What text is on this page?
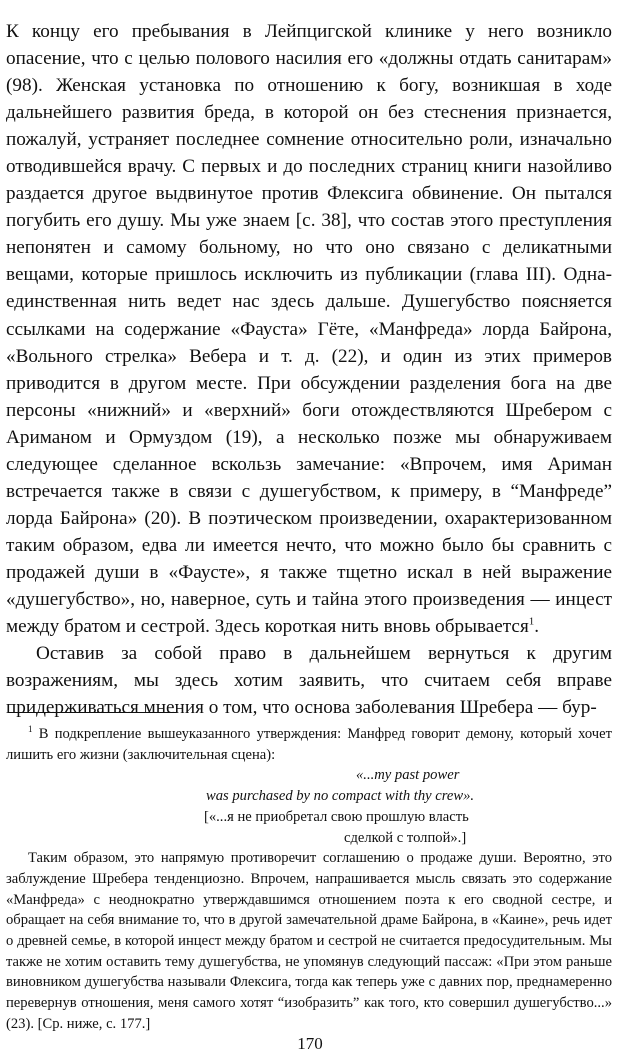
К концу его пребывания в Лейпцигской клинике у него возникло опасение, что с целью полового насилия его «должны отдать санитарам» (98). Женская установка по отношению к богу, возникшая в ходе дальнейшего развития бреда, в которой он без стеснения признается, пожалуй, устраняет последнее сомнение относительно роли, изначально отводившейся врачу. С первых и до последних страниц книги назойливо раздается другое выдвинутое против Флексига обвинение. Он пытался погубить его душу. Мы уже знаем [с. 38], что состав этого преступления непонятен и самому больному, но что оно связано с деликатными вещами, которые пришлось исключить из публикации (глава III). Одна-единственная нить ведет нас здесь дальше. Душегубство поясняется ссылками на содержание «Фауста» Гёте, «Манфреда» лорда Байрона, «Вольного стрелка» Вебера и т. д. (22), и один из этих примеров приводится в другом месте. При обсуждении разделения бога на две персоны «нижний» и «верхний» боги отождествляются Шребером с Ариманом и Ормуздом (19), а несколько позже мы обнаруживаем следующее сделанное вскользь замечание: «Впрочем, имя Ариман встречается также в связи с душегубством, к примеру, в “Манфреде” лорда Байрона» (20). В поэтическом произведении, охарактеризованном таким образом, едва ли имеется нечто, что можно было бы сравнить с продажей души в «Фаусте», я также тщетно искал в ней выражение «душегубство», но, наверное, суть и тайна этого произведения — инцест между братом и сестрой. Здесь короткая нить вновь обрывается$^1$.

Оставив за собой право в дальнейшем вернуться к другим возражениям, мы здесь хотим заявить, что считаем себя вправе придерживаться мнения о том, что основа заболевания Шребера — бур-

$^1$ В подкрепление вышеуказанного утверждения: Манфред говорит демону, который хочет лишить его жизни (заключительная сцена):

«...my past power

was purchased by no compact with thy crew».

[«...я не приобретал свою прошлую власть

сделкой с толпой».]

Таким образом, это напрямую противоречит соглашению о продаже души. Вероятно, это заблуждение Шребера тенденциозно. Впрочем, напрашивается мысль связать это содержание «Манфреда» с неоднократно утверждавшимся отношением поэта к его сводной сестре, и обращает на себя внимание то, что в другой замечательной драме Байрона, в «Каине», речь идет о древней семье, в которой инцест между братом и сестрой не считается предосудительным. Мы также не хотим оставить тему душегубства, не упомянув следующий пассаж: «При этом раньше виновником душегубства называли Флексига, тогда как теперь уже с давних пор, преднамеренно перевернув отношения, меня самого хотят “изобразить” как того, кто совершил душегубство...» (23). [Ср. ниже, с. 177.]

170
